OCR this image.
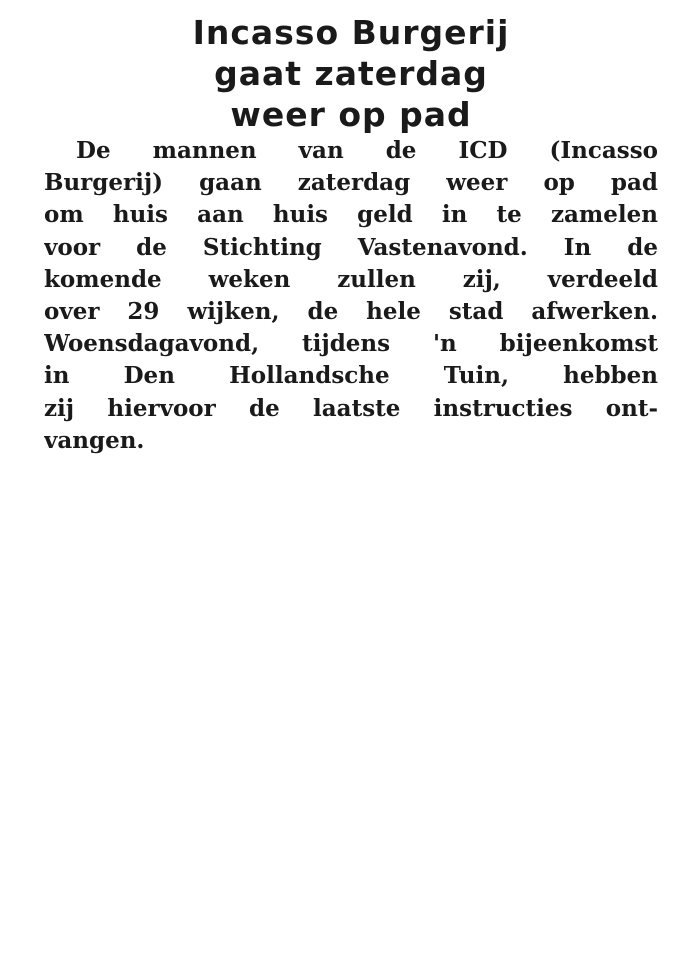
Incasso Burgerij
gaat zaterdag
weer op pad
De mannen van de ICD (Incasso
Burgerij) gaan zaterdag weer op pad
om huis aan huis geld in te zamelen
voor de Stichting Vastenavond. In de
komende weken zullen zij, verdeeld
over 29 wijken, de hele stad afwerken.
Woensdagavond, tijdens 'n bijeenkomst
in Den Hollandsche Tuin, hebben
zij hiervoor de laatste instructies ont-
vangen.
